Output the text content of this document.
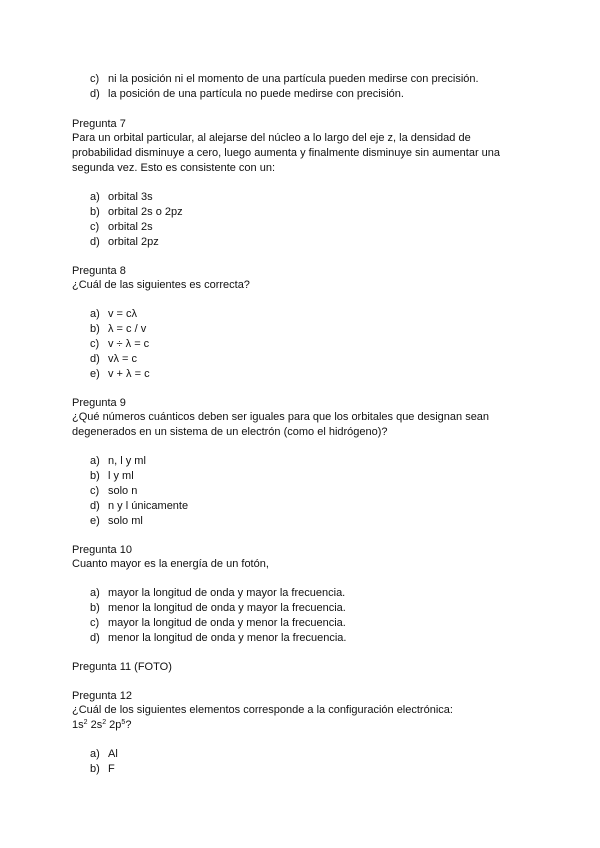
c) ni la posición ni el momento de una partícula pueden medirse con precisión.
d) la posición de una partícula no puede medirse con precisión.
Pregunta 7
Para un orbital particular, al alejarse del núcleo a lo largo del eje z, la densidad de
probabilidad disminuye a cero, luego aumenta y finalmente disminuye sin aumentar una
segunda vez. Esto es consistente con un:
a) orbital 3s
b) orbital 2s o 2pz
c) orbital 2s
d) orbital 2pz
Pregunta 8
¿Cuál de las siguientes es correcta?
a) v = cλ
b) λ = c / v
c) v ÷ λ = c
d) vλ = c
e) v + λ = c
Pregunta 9
¿Qué números cuánticos deben ser iguales para que los orbitales que designan sean
degenerados en un sistema de un electrón (como el hidrógeno)?
a) n, l y ml
b) l y ml
c) solo n
d) n y l únicamente
e) solo ml
Pregunta 10
Cuanto mayor es la energía de un fotón,
a) mayor la longitud de onda y mayor la frecuencia.
b) menor la longitud de onda y mayor la frecuencia.
c) mayor la longitud de onda y menor la frecuencia.
d) menor la longitud de onda y menor la frecuencia.
Pregunta 11 (FOTO)
Pregunta 12
¿Cuál de los siguientes elementos corresponde a la configuración electrónica:
$1s^2$ $2s^2$ $2p^5$?
a) Al
b) F
